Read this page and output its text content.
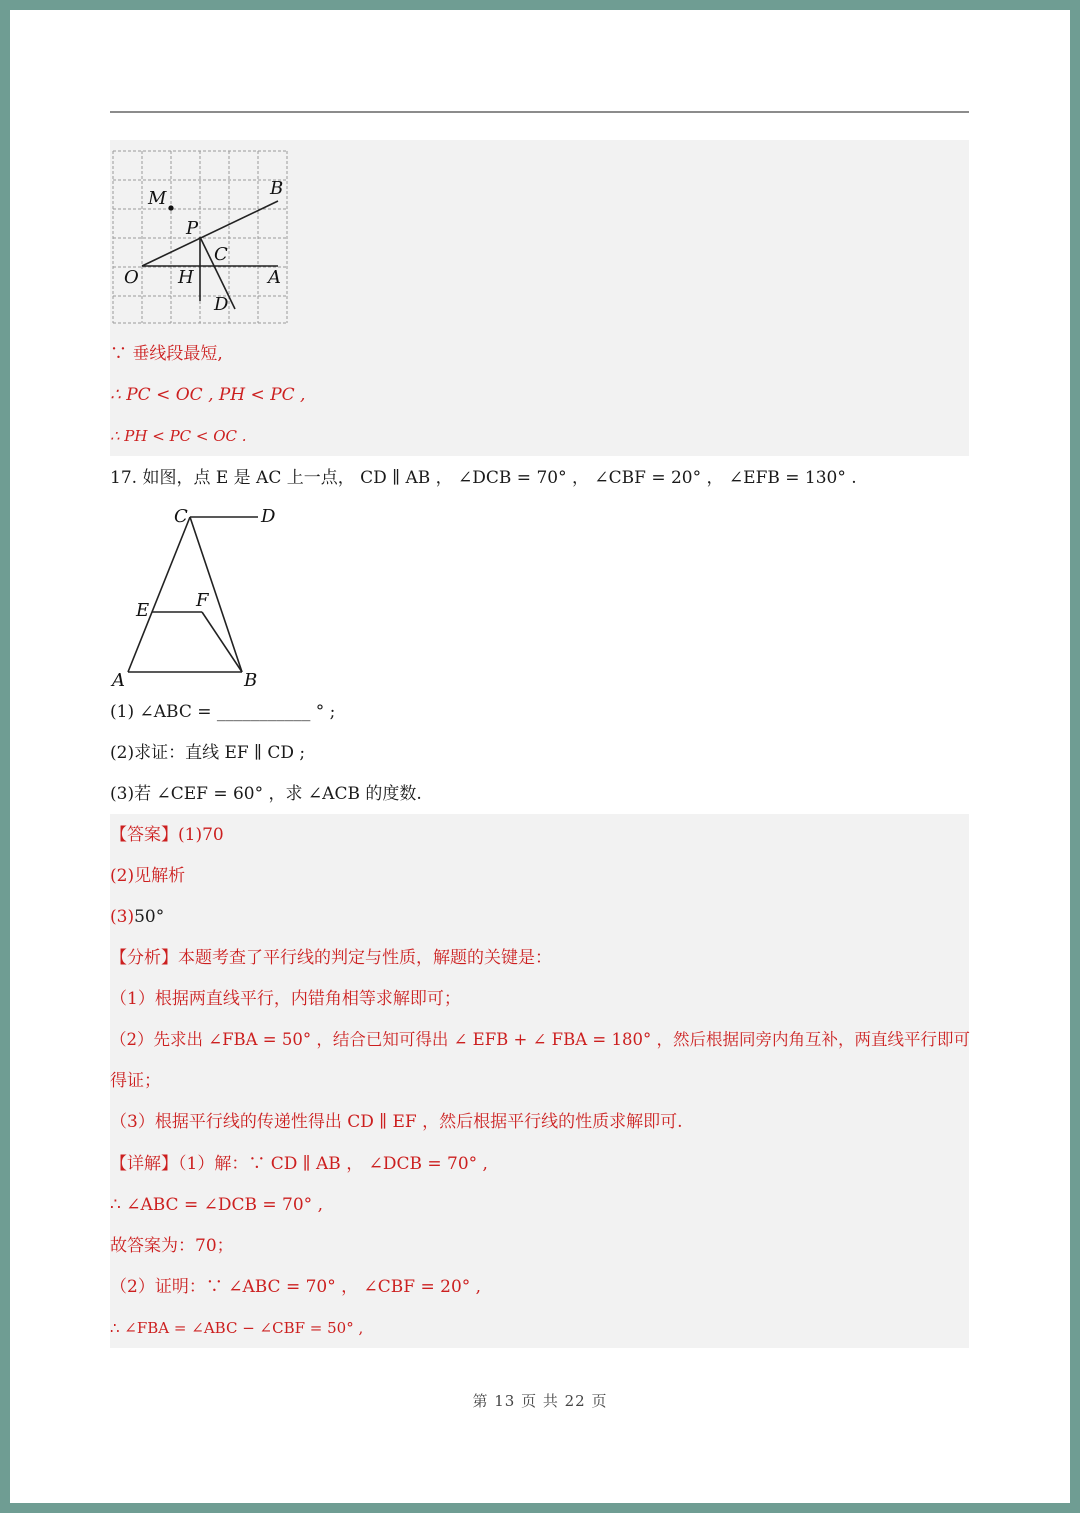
M	B
P
C
O H	A
D
∵ 垂线段最短,
∴ PC < OC , PH < PC ,
∴ PH < PC < OC .
17. 如图，点 E 是 AC 上一点， CD ∥ AB ， ∠DCB = 70° ， ∠CBF = 20° ， ∠EFB = 130° .
C	D
E	F
A	B
(1) ∠ABC = ___________ ° ;
(2)求证：直线 EF ∥ CD ;
(3)若 ∠CEF = 60° ，求 ∠ACB 的度数.
【答案】(1)70
(2)见解析
(3)50°
【分析】本题考查了平行线的判定与性质，解题的关键是：
（1）根据两直线平行，内错角相等求解即可；
（2）先求出 ∠FBA = 50° ，结合已知可得出 ∠ EFB + ∠ FBA = 180° ，然后根据同旁内角互补，两直线平行即可
得证；
（3）根据平行线的传递性得出 CD ∥ EF ，然后根据平行线的性质求解即可.
【详解】（1）解：∵ CD ∥ AB ， ∠DCB = 70° ,
∴ ∠ABC = ∠DCB = 70° ,
故答案为：70；
（2）证明：∵ ∠ABC = 70° ， ∠CBF = 20° ,
∴ ∠FBA = ∠ABC − ∠CBF = 50° ,
第 13 页 共 22 页
